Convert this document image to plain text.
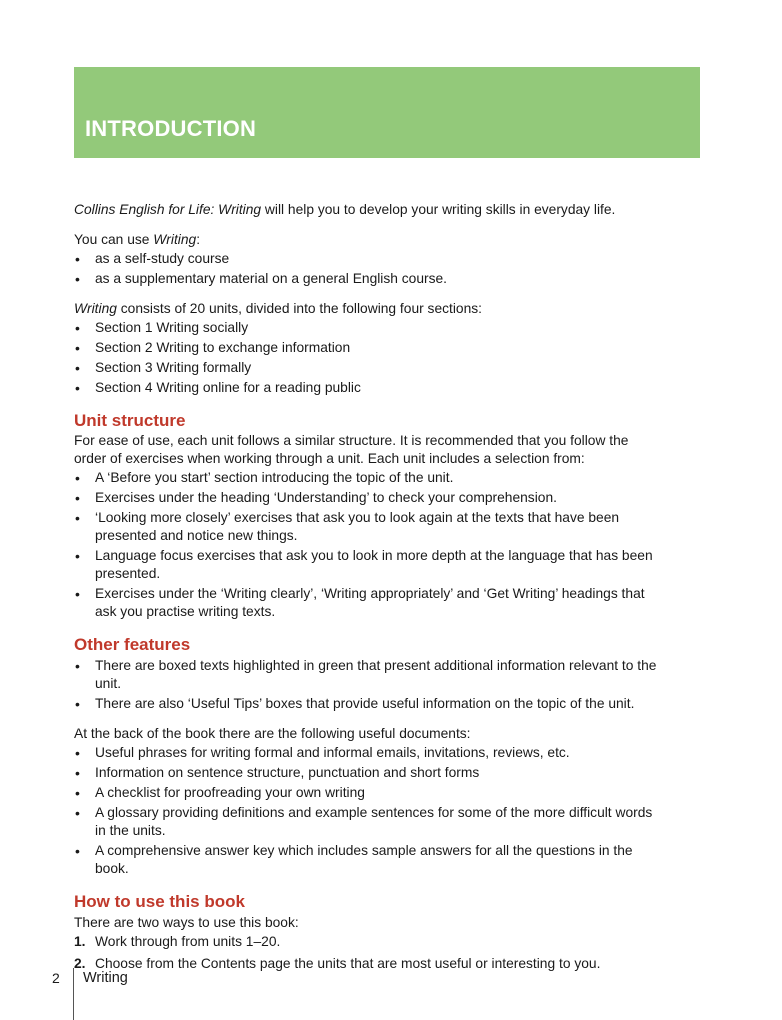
INTRODUCTION

Collins English for Life: Writing will help you to develop your writing skills in everyday life.

You can use Writing:

• as a self-study course
• as a supplementary material on a general English course.

Writing consists of 20 units, divided into the following four sections:

• Section 1 Writing socially
• Section 2 Writing to exchange information
• Section 3 Writing formally
• Section 4 Writing online for a reading public
Unit structure

For ease of use, each unit follows a similar structure. It is recommended that you follow the order of exercises when working through a unit. Each unit includes a selection from:

• A ‘Before you start’ section introducing the topic of the unit.
• Exercises under the heading ‘Understanding’ to check your comprehension.
• ‘Looking more closely’ exercises that ask you to look again at the texts that have been presented and notice new things.
• Language focus exercises that ask you to look in more depth at the language that has been presented.
• Exercises under the ‘Writing clearly’, ‘Writing appropriately’ and ‘Get Writing’ headings that ask you practise writing texts.
Other features
• There are boxed texts highlighted in green that present additional information relevant to the unit.
• There are also ‘Useful Tips’ boxes that provide useful information on the topic of the unit.

At the back of the book there are the following useful documents:

• Useful phrases for writing formal and informal emails, invitations, reviews, etc.
• Information on sentence structure, punctuation and short forms
• A checklist for proofreading your own writing
• A glossary providing definitions and example sentences for some of the more difficult words in the units.
• A comprehensive answer key which includes sample answers for all the questions in the book.
How to use this book

There are two ways to use this book:

1. Work through from units 1–20.
2. Choose from the Contents page the units that are most useful or interesting to you.
2 Writing
